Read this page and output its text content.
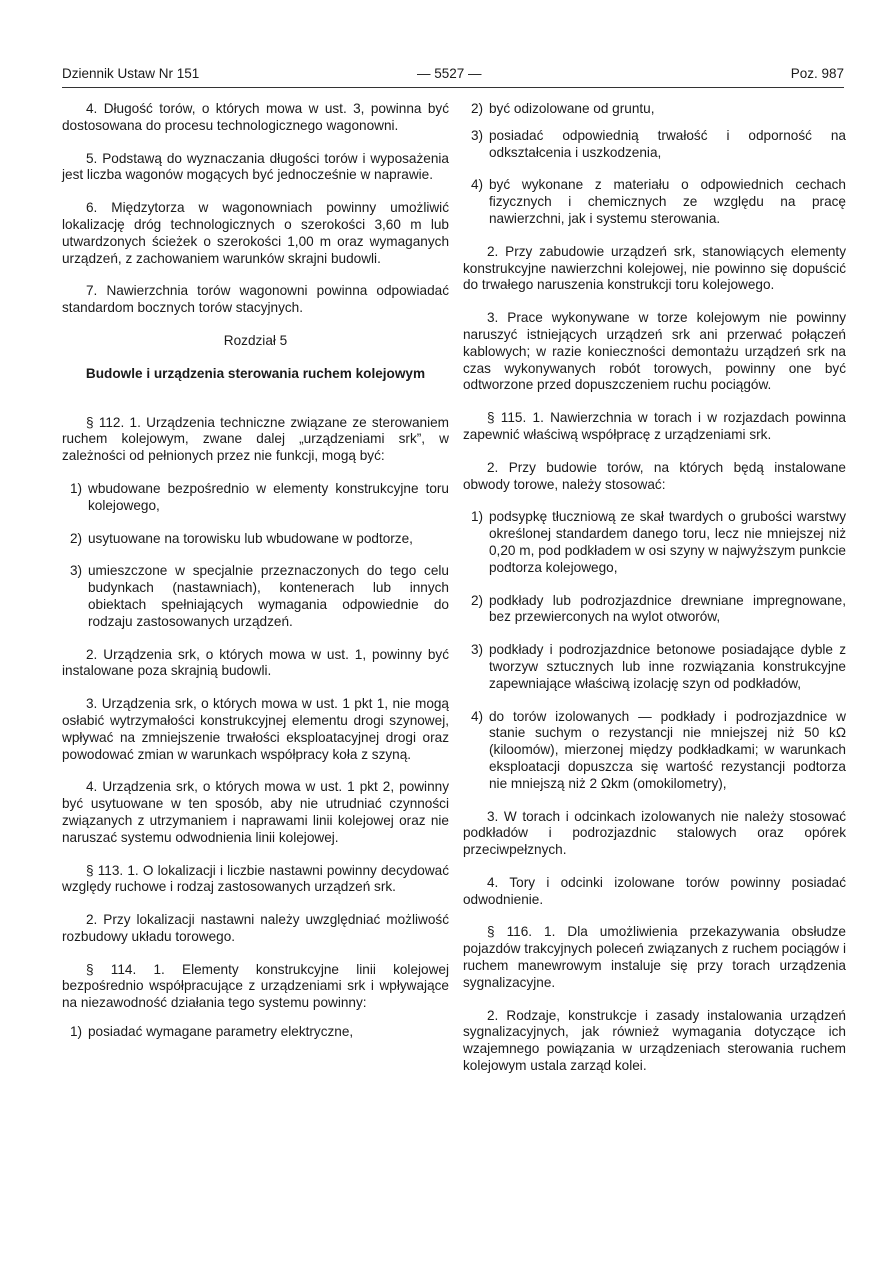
Dziennik Ustaw Nr 151	— 5527 —	Poz. 987

4. Długość torów, o których mowa w ust. 3, powinna być dostosowana do procesu technologicznego wagonowni.

5. Podstawą do wyznaczania długości torów i wyposażenia jest liczba wagonów mogących być jednocześnie w naprawie.

6. Międzytorza w wagonowniach powinny umożliwić lokalizację dróg technologicznych o szerokości 3,60 m lub utwardzonych ścieżek o szerokości 1,00 m oraz wymaganych urządzeń, z zachowaniem warunków skrajni budowli.

7. Nawierzchnia torów wagonowni powinna odpowiadać standardom bocznych torów stacyjnych.

Rozdział 5

Budowle i urządzenia sterowania ruchem kolejowym

§ 112. 1. Urządzenia techniczne związane ze sterowaniem ruchem kolejowym, zwane dalej „urządzeniami srk”, w zależności od pełnionych przez nie funkcji, mogą być:

1) wbudowane bezpośrednio w elementy konstrukcyjne toru kolejowego,

2) usytuowane na torowisku lub wbudowane w podtorze,

3) umieszczone w specjalnie przeznaczonych do tego celu budynkach (nastawniach), kontenerach lub innych obiektach spełniających wymagania odpowiednie do rodzaju zastosowanych urządzeń.

2. Urządzenia srk, o których mowa w ust. 1, powinny być instalowane poza skrajnią budowli.

3. Urządzenia srk, o których mowa w ust. 1 pkt 1, nie mogą osłabić wytrzymałości konstrukcyjnej elementu drogi szynowej, wpływać na zmniejszenie trwałości eksploatacyjnej drogi oraz powodować zmian w warunkach współpracy koła z szyną.

4. Urządzenia srk, o których mowa w ust. 1 pkt 2, powinny być usytuowane w ten sposób, aby nie utrudniać czynności związanych z utrzymaniem i naprawami linii kolejowej oraz nie naruszać systemu odwodnienia linii kolejowej.

§ 113. 1. O lokalizacji i liczbie nastawni powinny decydować względy ruchowe i rodzaj zastosowanych urządzeń srk.

2. Przy lokalizacji nastawni należy uwzględniać możliwość rozbudowy układu torowego.

§ 114. 1. Elementy konstrukcyjne linii kolejowej bezpośrednio współpracujące z urządzeniami srk i wpływające na niezawodność działania tego systemu powinny:

1) posiadać wymagane parametry elektryczne,

2) być odizolowane od gruntu,

3) posiadać odpowiednią trwałość i odporność na odkształcenia i uszkodzenia,

4) być wykonane z materiału o odpowiednich cechach fizycznych i chemicznych ze względu na pracę nawierzchni, jak i systemu sterowania.

2. Przy zabudowie urządzeń srk, stanowiących elementy konstrukcyjne nawierzchni kolejowej, nie powinno się dopuścić do trwałego naruszenia konstrukcji toru kolejowego.

3. Prace wykonywane w torze kolejowym nie powinny naruszyć istniejących urządzeń srk ani przerwać połączeń kablowych; w razie konieczności demontażu urządzeń srk na czas wykonywanych robót torowych, powinny one być odtworzone przed dopuszczeniem ruchu pociągów.

§ 115. 1. Nawierzchnia w torach i w rozjazdach powinna zapewnić właściwą współpracę z urządzeniami srk.

2. Przy budowie torów, na których będą instalowane obwody torowe, należy stosować:

1) podsypkę tłuczniową ze skał twardych o grubości warstwy określonej standardem danego toru, lecz nie mniejszej niż 0,20 m, pod podkładem w osi szyny w najwyższym punkcie podtorza kolejowego,

2) podkłady lub podrozjazdnice drewniane impregnowane, bez przewierconych na wylot otworów,

3) podkłady i podrozjazdnice betonowe posiadające dyble z tworzyw sztucznych lub inne rozwiązania konstrukcyjne zapewniające właściwą izolację szyn od podkładów,

4) do torów izolowanych — podkłady i podrozjazdnice w stanie suchym o rezystancji nie mniejszej niż 50 kΩ (kiloomów), mierzonej między podkładkami; w warunkach eksploatacji dopuszcza się wartość rezystancji podtorza nie mniejszą niż 2 Ωkm (omokilometry),

3. W torach i odcinkach izolowanych nie należy stosować podkładów i podrozjazdnic stalowych oraz opórek przeciwpełznych.

4. Tory i odcinki izolowane torów powinny posiadać odwodnienie.

§ 116. 1. Dla umożliwienia przekazywania obsłudze pojazdów trakcyjnych poleceń związanych z ruchem pociągów i ruchem manewrowym instaluje się przy torach urządzenia sygnalizacyjne.

2. Rodzaje, konstrukcje i zasady instalowania urządzeń sygnalizacyjnych, jak również wymagania dotyczące ich wzajemnego powiązania w urządzeniach sterowania ruchem kolejowym ustala zarząd kolei.
